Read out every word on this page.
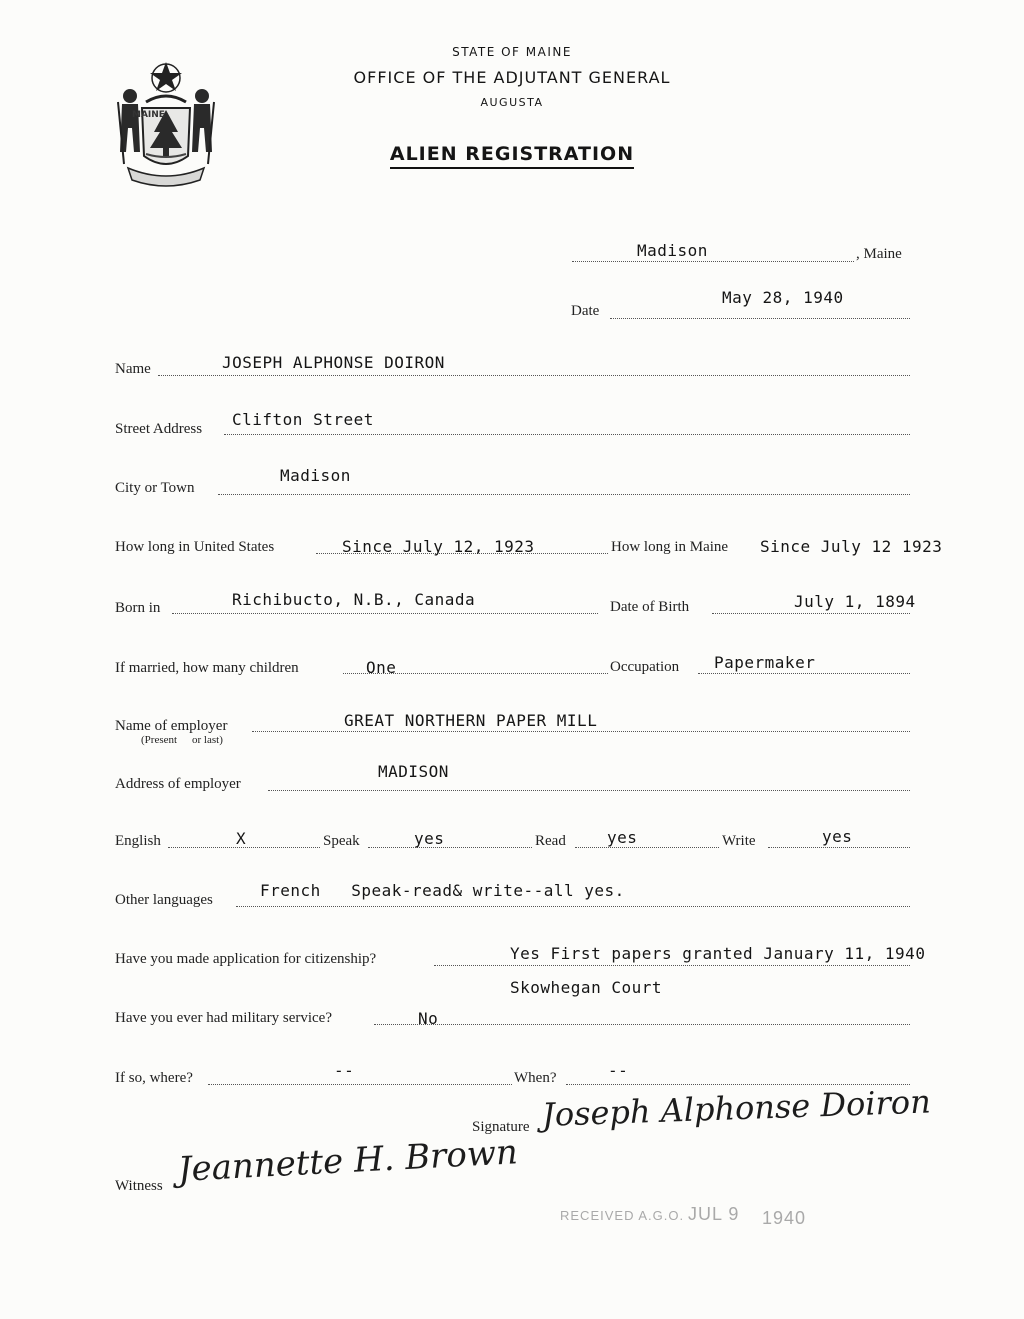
MAINE
STATE OF MAINE
OFFICE OF THE ADJUTANT GENERAL
AUGUSTA
ALIEN REGISTRATION
Madison	, Maine
Date
May 28, 1940
Name	JOSEPH ALPHONSE DOIRON
Street Address Clifton Street
City or Town
Madison
How long in United States	Since July 12, 1923	How long in Maine Since July 12 1923
Born in	Richibucto, N.B., Canada	Date of Birth	July 1, 1894
If married, how many children	One	Occupation Papermaker
Name of employer
(Present or last)
GREAT NORTHERN PAPER MILL
Address of employer
MADISON
English	X	Speak	yes	Read	yes	Write	yes
Other languages	French   Speak-read& write--all yes.
Have you made application for citizenship?	Yes First papers granted January 11, 1940
Skowhegan Court
Have you ever had military service?	No
If so, where?	--	When?	--
Signature Joseph Alphonse Doiron
Witness Jeannette H. Brown
RECEIVED A.G.O. JUL 9 1940
